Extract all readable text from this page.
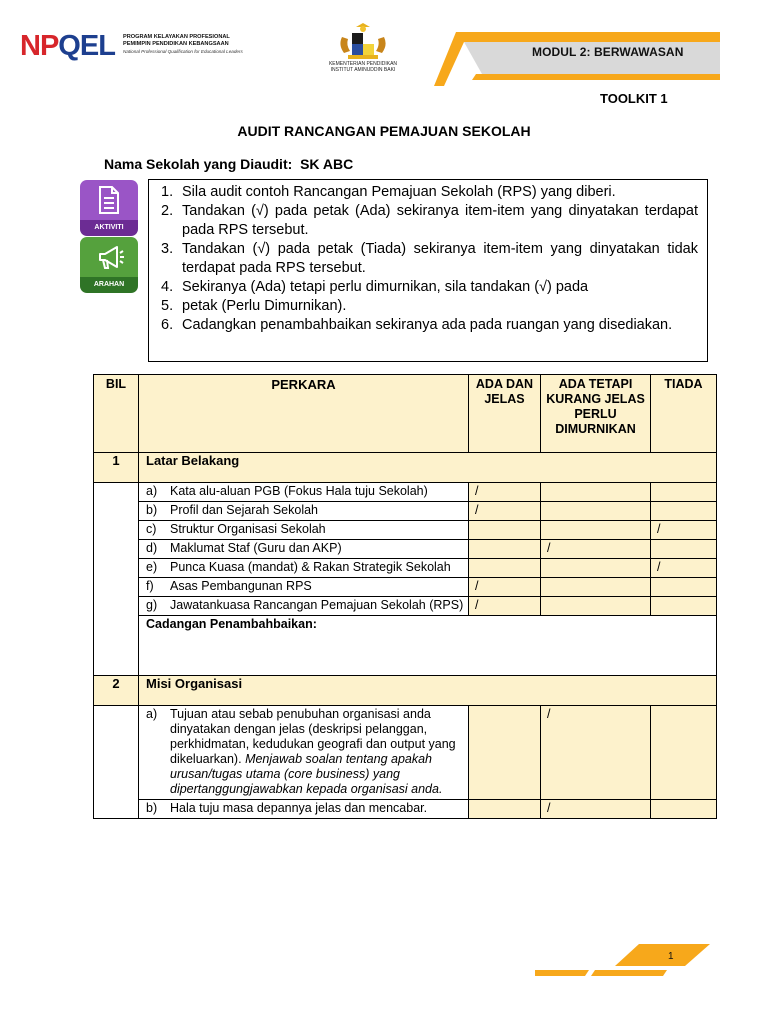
NPQEL PROGRAM KELAYAKAN PROFESIONAL
PEMIMPIN PENDIDIKAN KEBANGSAAN
National Professional Qualification for Educational Leaders
KEMENTERIAN PENDIDIKAN
INSTITUT AMINUDDIN BAKI
MODUL 2: BERWAWASAN
TOOLKIT 1
AUDIT RANCANGAN PEMAJUAN SEKOLAH
Nama Sekolah yang Diaudit: SK ABC
AKTIVITI
ARAHAN
1. Sila audit contoh Rancangan Pemajuan Sekolah (RPS) yang diberi.
2. Tandakan (√) pada petak (Ada) sekiranya item-item yang dinyatakan terdapat pada RPS tersebut.
3. Tandakan (√) pada petak (Tiada) sekiranya item-item yang dinyatakan tidak terdapat pada RPS tersebut.
4. Sekiranya (Ada) tetapi perlu dimurnikan, sila tandakan (√) pada
5. petak (Perlu Dimurnikan).
6. Cadangkan penambahbaikan sekiranya ada pada ruangan yang disediakan.
BIL	PERKARA	ADA DAN JELAS	ADA TETAPI KURANG JELAS PERLU DIMURNIKAN	TIADA
1	Latar Belakang			

	a) Kata alu-aluan PGB (Fokus Hala tuju Sekolah)	/		

	b) Profil dan Sejarah Sekolah	/		

	c) Struktur Organisasi Sekolah			/

	d) Maklumat Staf (Guru dan AKP)		/	

	e) Punca Kuasa (mandat) & Rakan Strategik Sekolah			/

	f) Asas Pembangunan RPS	/		

	g) Jawatankuasa Rancangan Pemajuan Sekolah (RPS)	/		
	Cadangan Penambahbaikan:			
2	Misi Organisasi			

	a) Tujuan atau sebab penubuhan organisasi anda dinyatakan dengan jelas (deskripsi pelanggan, perkhidmatan, kedudukan geografi dan output yang dikeluarkan). Menjawab soalan tentang apakah urusan/tugas utama (core business) yang dipertanggungjawabkan kepada organisasi anda.		/	

	b) Hala tuju masa depannya jelas dan mencabar.		/	
1
